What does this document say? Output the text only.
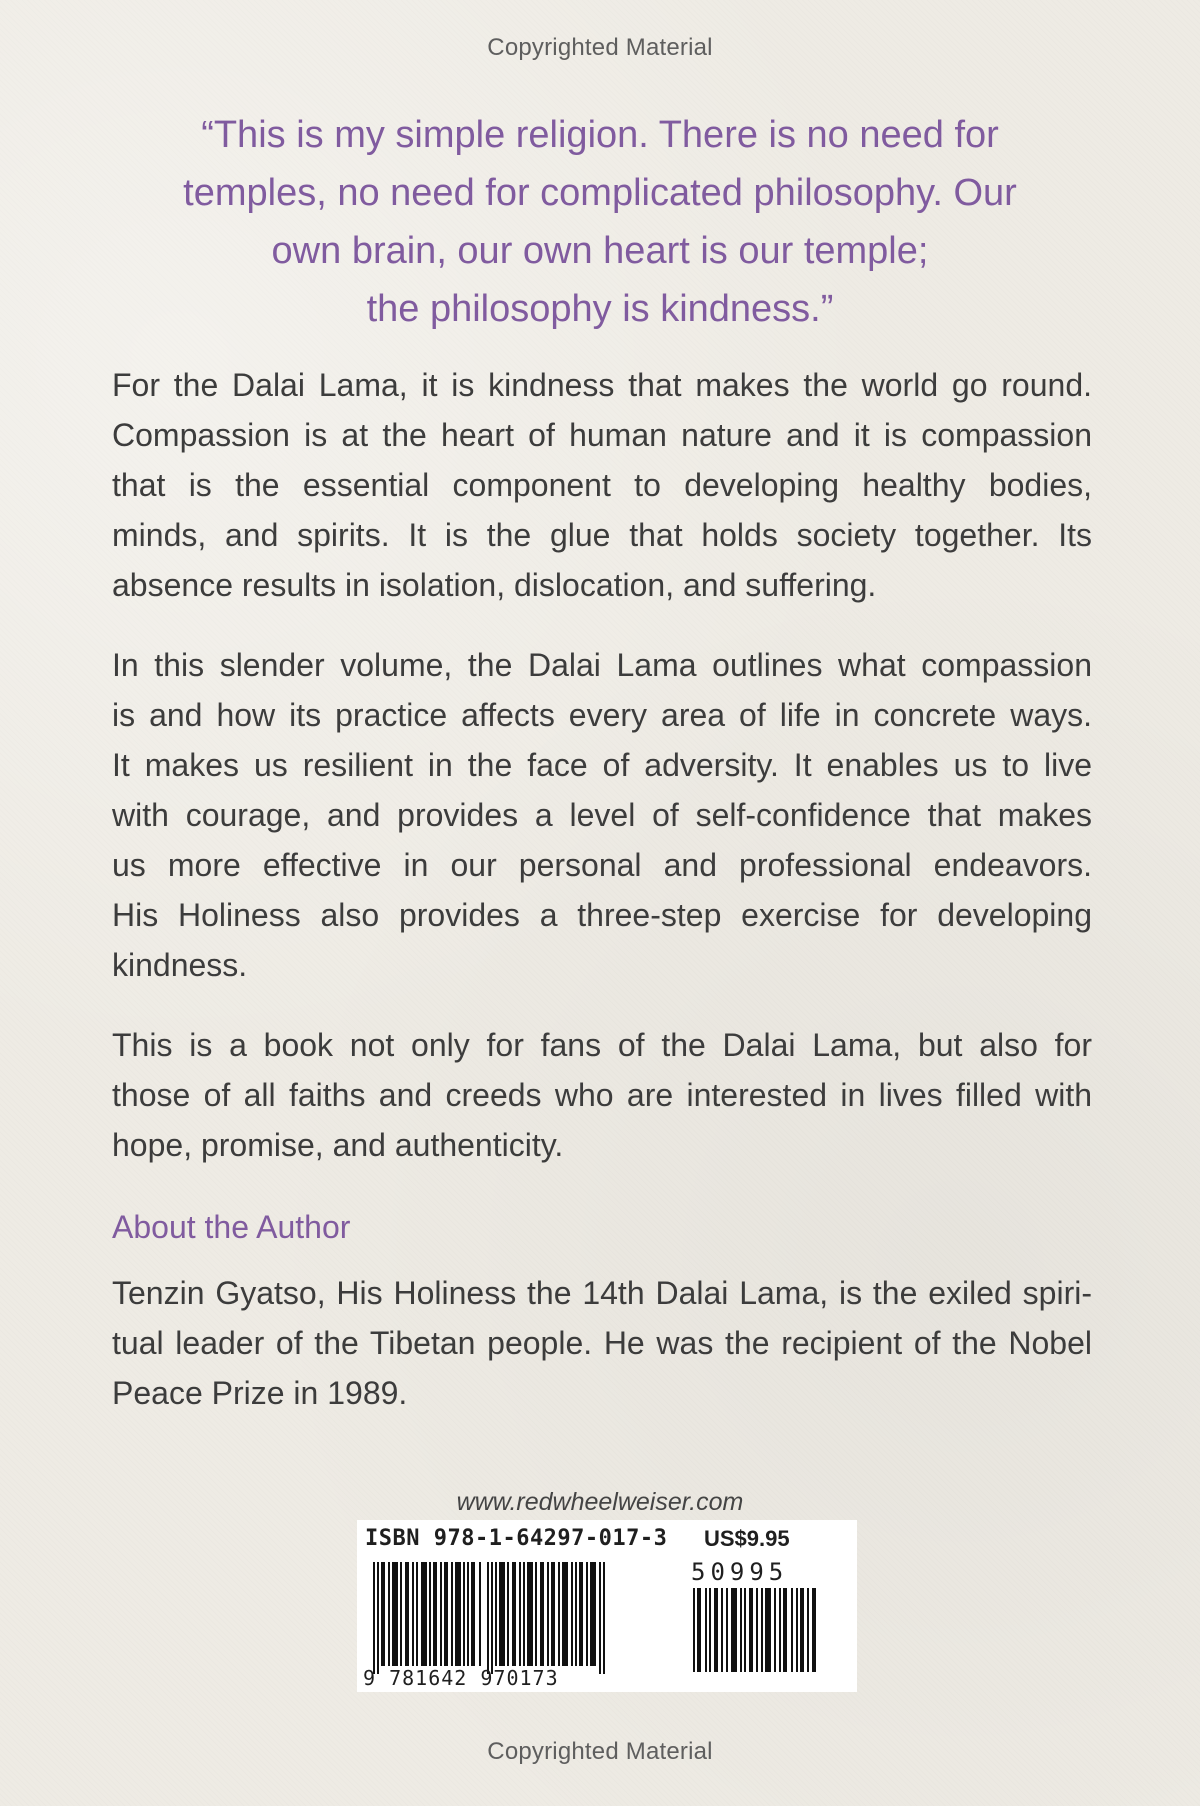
Copyrighted Material

“This is my simple religion. There is no need for
temples, no need for complicated philosophy. Our
own brain, our own heart is our temple;
the philosophy is kindness.”

For the Dalai Lama, it is kindness that makes the world go round.
Compassion is at the heart of human nature and it is compassion
that is the essential component to developing healthy bodies,
minds, and spirits. It is the glue that holds society together. Its
absence results in isolation, dislocation, and suffering.

In this slender volume, the Dalai Lama outlines what compassion
is and how its practice affects every area of life in concrete ways.
It makes us resilient in the face of adversity. It enables us to live
with courage, and provides a level of self-confidence that makes
us more effective in our personal and professional endeavors.
His Holiness also provides a three-step exercise for developing
kindness.

This is a book not only for fans of the Dalai Lama, but also for
those of all faiths and creeds who are interested in lives filled with
hope, promise, and authenticity.

About the Author

Tenzin Gyatso, His Holiness the 14th Dalai Lama, is the exiled spiri-
tual leader of the Tibetan people. He was the recipient of the Nobel
Peace Prize in 1989.

www.redwheelweiser.com
ISBN 978-1-64297-017-3 US$9.95
50995
9 781642 970173
Copyrighted Material
